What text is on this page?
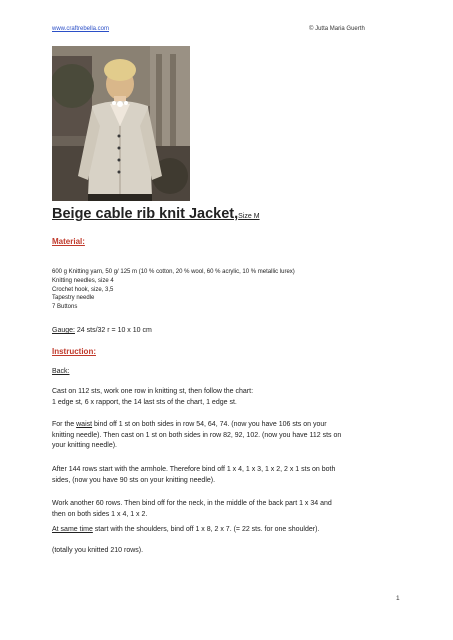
www.craftrebella.com	© Jutta Maria Guerth
Beige cable rib knit Jacket,Size M
Material:
600 g Knitting yarn, 50 g/ 125 m (10 % cotton, 20 % wool, 60 % acrylic, 10 % metallic lurex)
Knitting needles, size 4
Crochet hook, size, 3,5
Tapestry needle
7 Buttons
Gauge: 24 sts/32 r = 10 x 10 cm
Instruction:
Back:
Cast on 112 sts, work one row in knitting st, then follow the chart:
1 edge st, 6 x rapport, the 14 last sts of the chart, 1 edge st.
For the waist bind off 1 st on both sides in row 54, 64, 74. (now you have 106 sts on your
knitting needle). Then cast on 1 st on both sides in row 82, 92, 102. (now you have 112 sts on
your knitting needle).
After 144 rows start with the armhole. Therefore bind off 1 x 4, 1 x 3, 1 x 2, 2 x 1 sts on both
sides, (now you have 90 sts on your knitting needle).
Work another 60 rows. Then bind off for the neck, in the middle of the back part 1 x 34 and
then on both sides 1 x 4, 1 x 2.
At same time start with the shoulders, bind off 1 x 8, 2 x 7. (= 22 sts. for one shoulder).
(totally you knitted 210 rows).
1
